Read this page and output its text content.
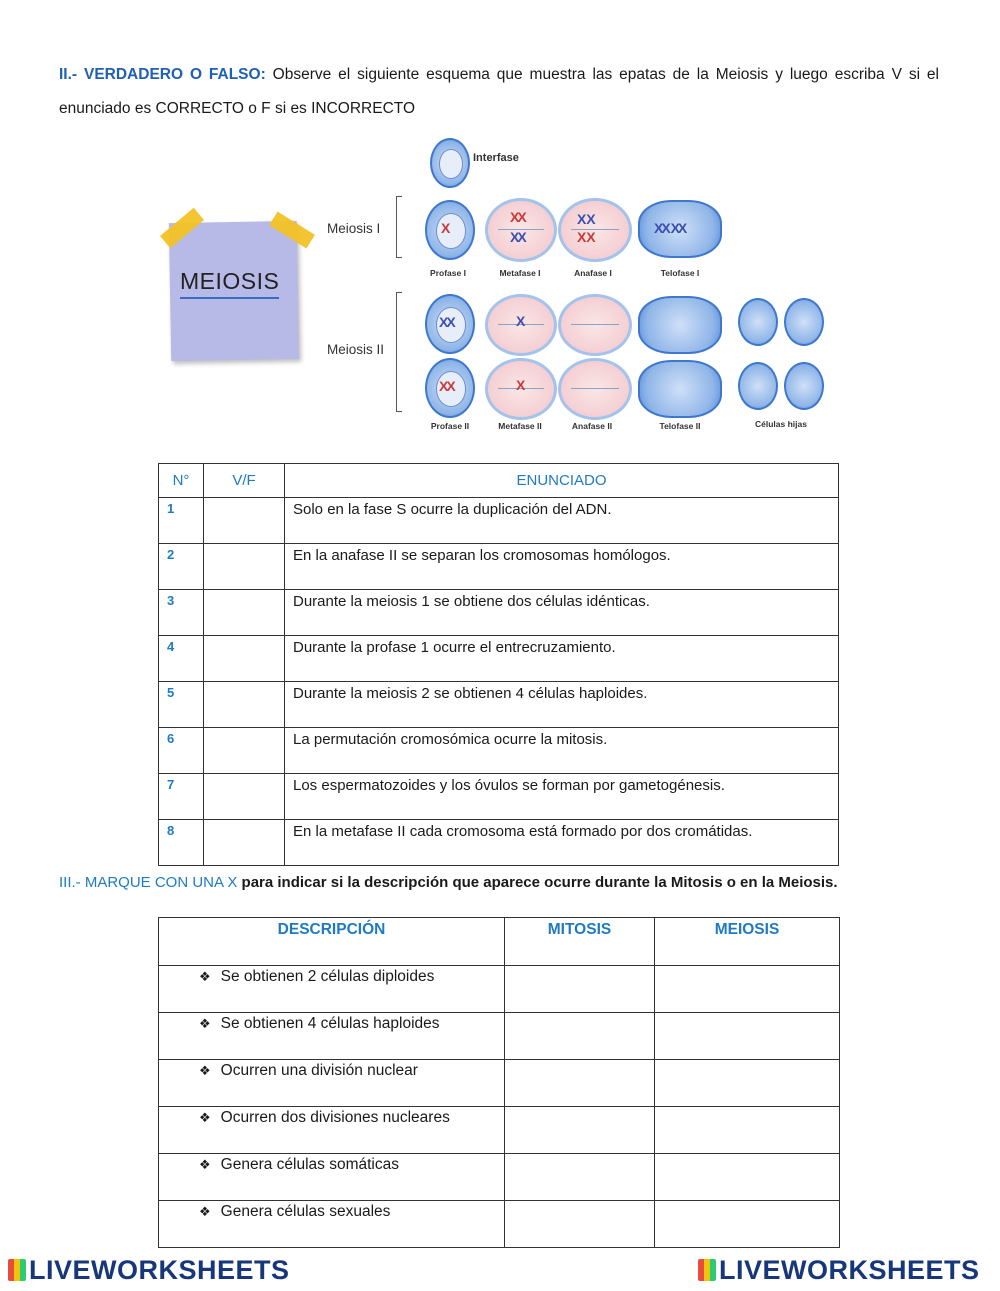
II.- VERDADERO O FALSO: Observe el siguiente esquema que muestra las epatas de la Meiosis y luego escriba V si el enunciado es CORRECTO o F si es INCORRECTO
MEIOSIS
Interfase
Meiosis I	X
XX
XX
X X
X X
XX XX
Profase I	Metafase I	Anafase I	Telofase I
Meiosis II
XX	X
XX	X
Profase II	Metafase II	Anafase II	Telofase II	Células hijas
N°	V/F	ENUNCIADO
1		Solo en la fase S ocurre la duplicación del ADN.
2		En la anafase II se separan los cromosomas homólogos.
3		Durante la meiosis 1 se obtiene dos células idénticas.
4		Durante la profase 1 ocurre el entrecruzamiento.
5		Durante la meiosis 2 se obtienen 4 células haploides.
6		La permutación cromosómica ocurre la mitosis.
7		Los espermatozoides y los óvulos se forman por gametogénesis.
8		En la metafase II cada cromosoma está formado por dos cromátidas.
III.- MARQUE CON UNA X para indicar si la descripción que aparece ocurre durante la Mitosis o en la Meiosis.
DESCRIPCIÓN	MITOSIS	MEIOSIS
❖ Se obtienen 2 células diploides		
❖ Se obtienen 4 células haploides		
❖ Ocurren una división nuclear		
❖ Ocurren dos divisiones nucleares		
❖ Genera células somáticas		
❖ Genera células sexuales		
LIVEWORKSHEETS	LIVEWORKSHEETS
